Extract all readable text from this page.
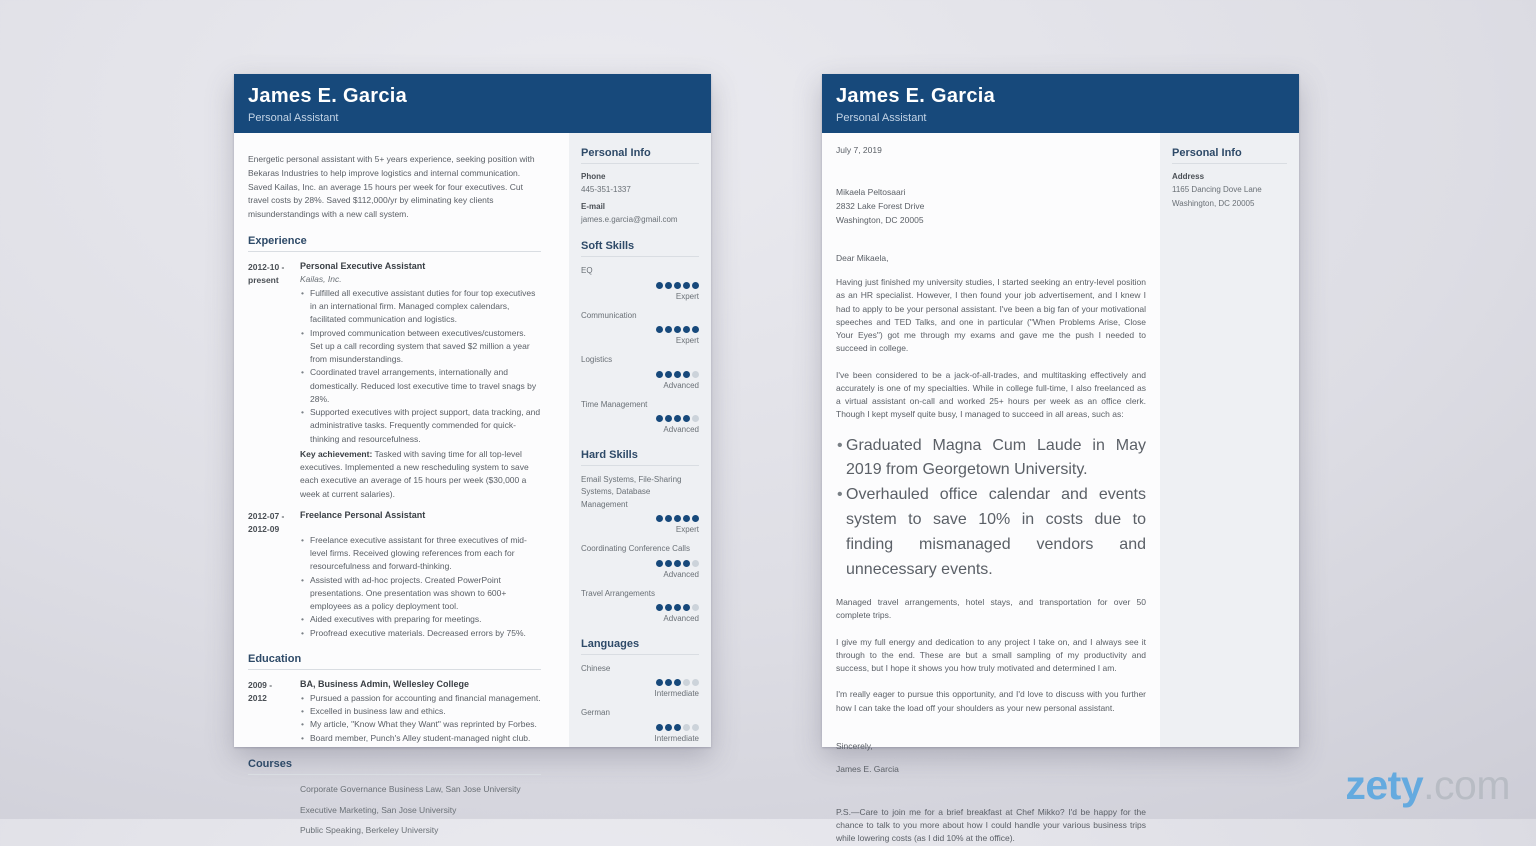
James E. Garcia
Personal Assistant
Energetic personal assistant with 5+ years experience, seeking position with Bekaras Industries to help improve logistics and internal communication. Saved Kailas, Inc. an average 15 hours per week for four executives. Cut travel costs by 28%. Saved $112,000/yr by eliminating key clients misunderstandings with a new call system.
Experience
2012-10 -
present
Personal Executive Assistant
Kailas, Inc.
• Fulfilled all executive assistant duties for four top executives in an international firm. Managed complex calendars, facilitated communication and logistics.
• Improved communication between executives/customers. Set up a call recording system that saved $2 million a year from misunderstandings.
• Coordinated travel arrangements, internationally and domestically. Reduced lost executive time to travel snags by 28%.
• Supported executives with project support, data tracking, and administrative tasks. Frequently commended for quick-thinking and resourcefulness.
Key achievement: Tasked with saving time for all top-level executives. Implemented a new rescheduling system to save each executive an average of 15 hours per week ($30,000 a week at current salaries).
2012-07 -
2012-09
Freelance Personal Assistant
• Freelance executive assistant for three executives of mid-level firms. Received glowing references from each for resourcefulness and forward-thinking.
• Assisted with ad-hoc projects. Created PowerPoint presentations. One presentation was shown to 600+ employees as a policy deployment tool.
• Aided executives with preparing for meetings.
• Proofread executive materials. Decreased errors by 75%.
Education
2009 -
2012
BA, Business Admin, Wellesley College
• Pursued a passion for accounting and financial management.
• Excelled in business law and ethics.
• My article, "Know What they Want" was reprinted by Forbes.
• Board member, Punch's Alley student-managed night club.
Courses
Corporate Governance Business Law, San Jose University
Executive Marketing, San Jose University
Public Speaking, Berkeley University
Personal Info
Phone
445-351-1337
E-mail
james.e.garcia@gmail.com
Soft Skills
EQ
Expert
Communication
Expert
Logistics
Advanced
Time Management
Advanced
Hard Skills
Email Systems, File-Sharing Systems, Database Management
Expert
Coordinating Conference Calls
Advanced
Travel Arrangements
Advanced
Languages
Chinese
Intermediate
German
Intermediate
James E. Garcia
Personal Assistant
July 7, 2019
Mikaela Peltosaari
2832 Lake Forest Drive
Washington, DC 20005
Dear Mikaela,

Having just finished my university studies, I started seeking an entry-level position as an HR specialist. However, I then found your job advertisement, and I knew I had to apply to be your personal assistant. I've been a big fan of your motivational speeches and TED Talks, and one in particular ("When Problems Arise, Close Your Eyes") got me through my exams and gave me the push I needed to succeed in college.

I've been considered to be a jack-of-all-trades, and multitasking effectively and accurately is one of my specialties. While in college full-time, I also freelanced as a virtual assistant on-call and worked 25+ hours per week as an office clerk. Though I kept myself quite busy, I managed to succeed in all areas, such as:

• Graduated Magna Cum Laude in May 2019 from Georgetown University.
• Overhauled office calendar and events system to save 10% in costs due to finding mismanaged vendors and unnecessary events.

Managed travel arrangements, hotel stays, and transportation for over 50 complete trips.

I give my full energy and dedication to any project I take on, and I always see it through to the end. These are but a small sampling of my productivity and success, but I hope it shows you how truly motivated and determined I am.

I'm really eager to pursue this opportunity, and I'd love to discuss with you further how I can take the load off your shoulders as your new personal assistant.

Sincerely,
James E. Garcia

P.S.—Care to join me for a brief breakfast at Chef Mikko? I'd be happy for the chance to talk to you more about how I could handle your various business trips while lowering costs (as I did 10% at the office).

Personal Info
Address
1165 Dancing Dove Lane
Washington, DC 20005
zety.com
